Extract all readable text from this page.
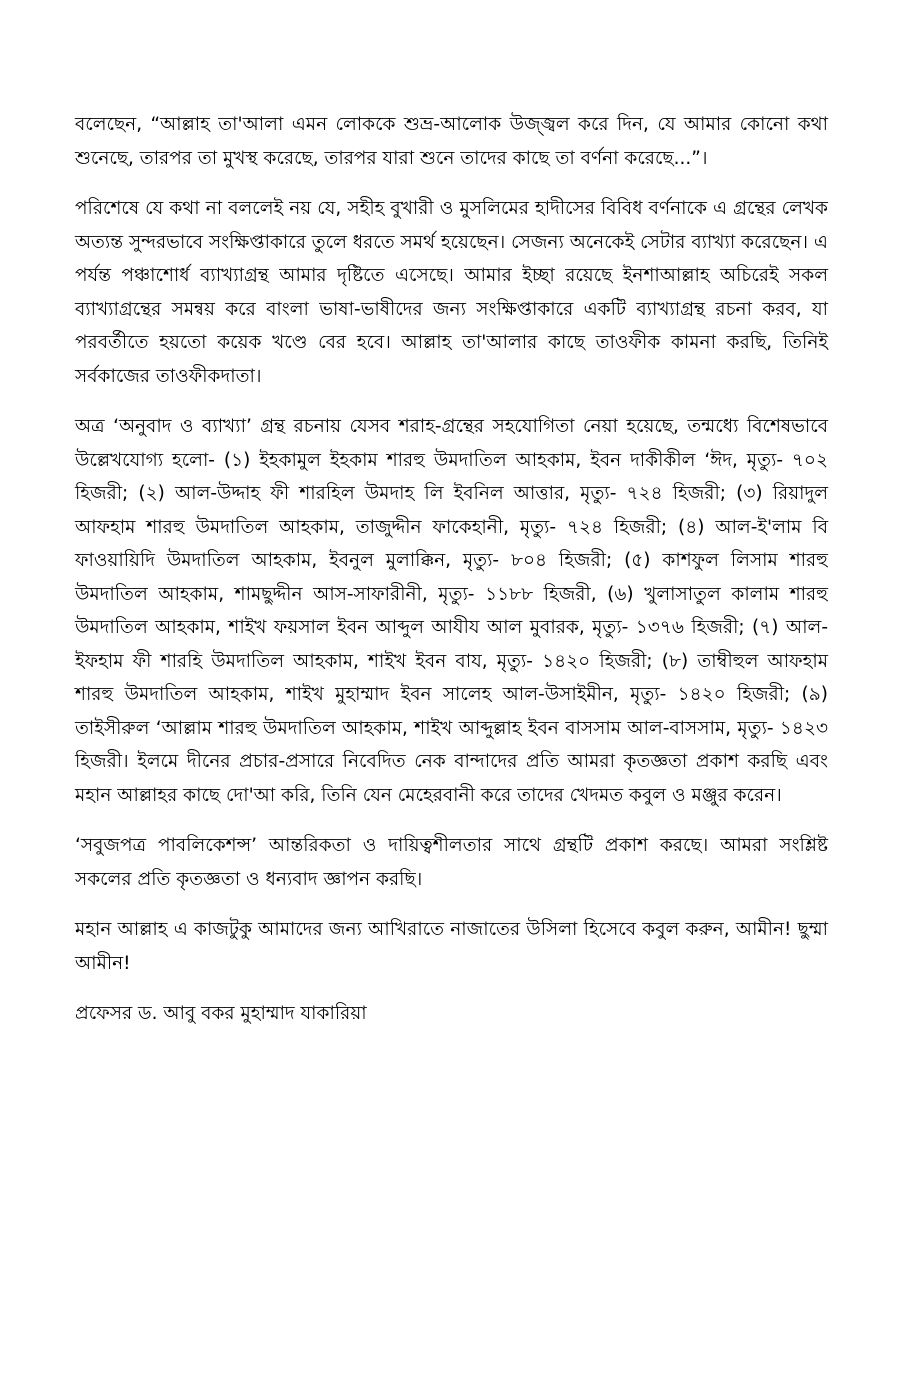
বলেছেন, “আল্লাহ তা'আলা এমন লোককে শুভ্র-আলোক উজ্জ্বল করে দিন, যে আমার কোনো কথা শুনেছে, তারপর তা মুখস্থ করেছে, তারপর যারা শুনে তাদের কাছে তা বর্ণনা করেছে...”।

পরিশেষে যে কথা না বললেই নয় যে, সহীহ বুখারী ও মুসলিমের হাদীসের বিবিধ বর্ণনাকে এ গ্রন্থের লেখক অত্যন্ত সুন্দরভাবে সংক্ষিপ্তাকারে তুলে ধরতে সমর্থ হয়েছেন। সেজন্য অনেকেই সেটার ব্যাখ্যা করেছেন। এ পর্যন্ত পঞ্চাশোর্ধ ব্যাখ্যাগ্রন্থ আমার দৃষ্টিতে এসেছে। আমার ইচ্ছা রয়েছে ইনশাআল্লাহ অচিরেই সকল ব্যাখ্যাগ্রন্থের সমন্বয় করে বাংলা ভাষা-ভাষীদের জন্য সংক্ষিপ্তাকারে একটি ব্যাখ্যাগ্রন্থ রচনা করব, যা পরবর্তীতে হয়তো কয়েক খণ্ডে বের হবে। আল্লাহ তা'আলার কাছে তাওফীক কামনা করছি, তিনিই সর্বকাজের তাওফীকদাতা।

অত্র ‘অনুবাদ ও ব্যাখ্যা’ গ্রন্থ রচনায় যেসব শরাহ-গ্রন্থের সহযোগিতা নেয়া হয়েছে, তন্মধ্যে বিশেষভাবে উল্লেখযোগ্য হলো- (১) ইহকামুল ইহকাম শারহু উমদাতিল আহকাম, ইবন দাকীকীল ‘ঈদ, মৃত্যু- ৭০২ হিজরী; (২) আল-উদ্দাহ ফী শারহিল উমদাহ লি ইবনিল আত্তার, মৃত্যু- ৭২৪ হিজরী; (৩) রিয়াদুল আফহাম শারহু উমদাতিল আহকাম, তাজুদ্দীন ফাকেহানী, মৃত্যু- ৭২৪ হিজরী; (৪) আল-ই'লাম বি ফাওয়ায়িদি উমদাতিল আহকাম, ইবনুল মুলাক্কিন, মৃত্যু- ৮০৪ হিজরী; (৫) কাশফুল লিসাম শারহু উমদাতিল আহকাম, শামছুদ্দীন আস-সাফারীনী, মৃত্যু- ১১৮৮ হিজরী, (৬) খুলাসাতুল কালাম শারহু উমদাতিল আহকাম, শাইখ ফয়সাল ইবন আব্দুল আযীয আল মুবারক, মৃত্যু- ১৩৭৬ হিজরী; (৭) আল-ইফহাম ফী শারহি উমদাতিল আহকাম, শাইখ ইবন বায, মৃত্যু- ১৪২০ হিজরী; (৮) তাম্বীহুল আফহাম শারহু উমদাতিল আহকাম, শাইখ মুহাম্মাদ ইবন সালেহ আল-উসাইমীন, মৃত্যু- ১৪২০ হিজরী; (৯) তাইসীরুল ‘আল্লাম শারহু উমদাতিল আহকাম, শাইখ আব্দুল্লাহ ইবন বাসসাম আল-বাসসাম, মৃত্যু- ১৪২৩ হিজরী। ইলমে দীনের প্রচার-প্রসারে নিবেদিত নেক বান্দাদের প্রতি আমরা কৃতজ্ঞতা প্রকাশ করছি এবং মহান আল্লাহর কাছে দো'আ করি, তিনি যেন মেহেরবানী করে তাদের খেদমত কবুল ও মঞ্জুর করেন।

‘সবুজপত্র পাবলিকেশন্স’ আন্তরিকতা ও দায়িত্বশীলতার সাথে গ্রন্থটি প্রকাশ করছে। আমরা সংশ্লিষ্ট সকলের প্রতি কৃতজ্ঞতা ও ধন্যবাদ জ্ঞাপন করছি।

মহান আল্লাহ এ কাজটুকু আমাদের জন্য আখিরাতে নাজাতের উসিলা হিসেবে কবুল করুন, আমীন! ছুম্মা আমীন!

প্রফেসর ড. আবু বকর মুহাম্মাদ যাকারিয়া
